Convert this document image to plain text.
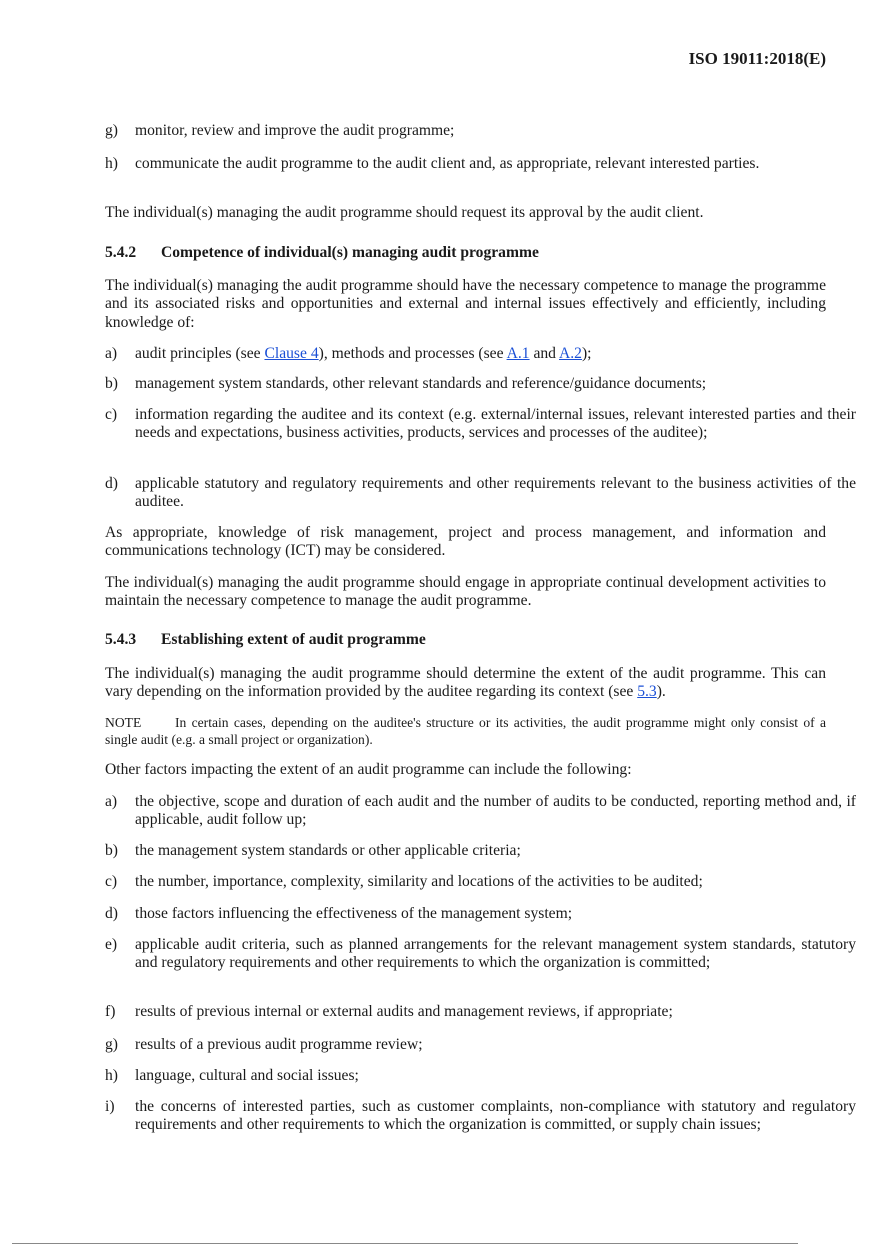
ISO 19011:2018(E)
g) monitor, review and improve the audit programme;
h) communicate the audit programme to the audit client and, as appropriate, relevant interested parties.
The individual(s) managing the audit programme should request its approval by the audit client.
5.4.2 Competence of individual(s) managing audit programme
The individual(s) managing the audit programme should have the necessary competence to manage the programme and its associated risks and opportunities and external and internal issues effectively and efficiently, including knowledge of:
a) audit principles (see Clause 4), methods and processes (see A.1 and A.2);
b) management system standards, other relevant standards and reference/guidance documents;
c) information regarding the auditee and its context (e.g. external/internal issues, relevant interested parties and their needs and expectations, business activities, products, services and processes of the auditee);
d) applicable statutory and regulatory requirements and other requirements relevant to the business activities of the auditee.
As appropriate, knowledge of risk management, project and process management, and information and communications technology (ICT) may be considered.
The individual(s) managing the audit programme should engage in appropriate continual development activities to maintain the necessary competence to manage the audit programme.
5.4.3 Establishing extent of audit programme
The individual(s) managing the audit programme should determine the extent of the audit programme. This can vary depending on the information provided by the auditee regarding its context (see 5.3).
NOTE In certain cases, depending on the auditee's structure or its activities, the audit programme might only consist of a single audit (e.g. a small project or organization).
Other factors impacting the extent of an audit programme can include the following:
a) the objective, scope and duration of each audit and the number of audits to be conducted, reporting method and, if applicable, audit follow up;
b) the management system standards or other applicable criteria;
c) the number, importance, complexity, similarity and locations of the activities to be audited;
d) those factors influencing the effectiveness of the management system;
e) applicable audit criteria, such as planned arrangements for the relevant management system standards, statutory and regulatory requirements and other requirements to which the organization is committed;
f) results of previous internal or external audits and management reviews, if appropriate;
g) results of a previous audit programme review;
h) language, cultural and social issues;
i) the concerns of interested parties, such as customer complaints, non-compliance with statutory and regulatory requirements and other requirements to which the organization is committed, or supply chain issues;
